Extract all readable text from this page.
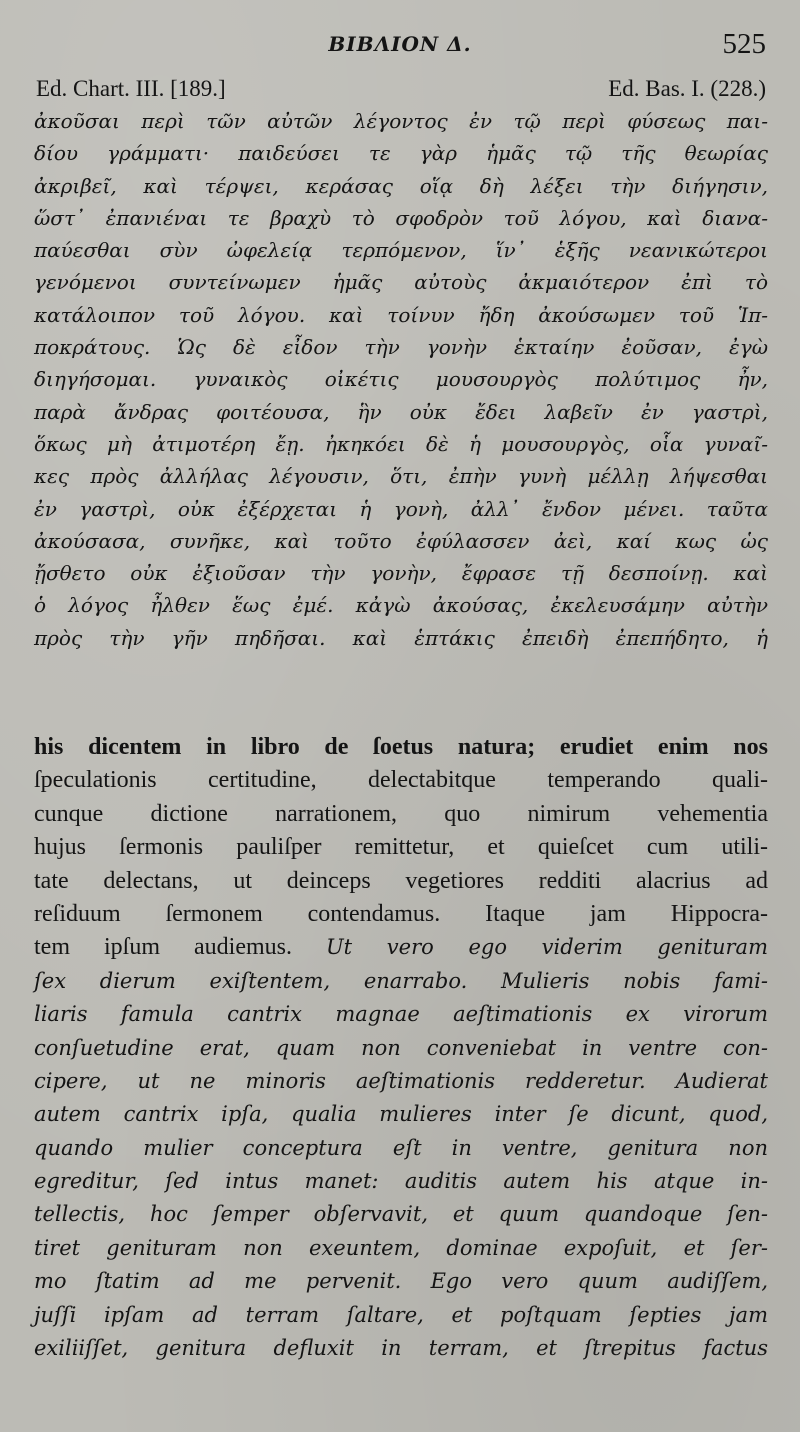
BIBΛΙΟΝ Δ.	525
Ed. Chart. III. [189.]	Ed. Bas. I. (228.)
ἀκοῦσαι περὶ τῶν αὐτῶν λέγοντος ἐν τῷ περὶ φύσεως παι-
δίου γράμματι· παιδεύσει τε γὰρ ἡμᾶς τῷ τῆς θεωρίας
ἀκριβεῖ, καὶ τέρψει, κεράσας οἵᾳ δὴ λέξει τὴν διήγησιν,
ὥστ᾽ ἐπανιέναι τε βραχὺ τὸ σφοδρὸν τοῦ λόγου, καὶ διανα-
παύεσθαι σὺν ὠφελείᾳ τερπόμενον, ἵν᾽ ἑξῆς νεανικώτεροι
γενόμενοι συντείνωμεν ἡμᾶς αὐτοὺς ἀκμαιότερον ἐπὶ τὸ
κατάλοιπον τοῦ λόγου. καὶ τοίνυν ἤδη ἀκούσωμεν τοῦ Ἱπ-
ποκράτους. Ὡς δὲ εἶδον τὴν γονὴν ἑκταίην ἐοῦσαν, ἐγὼ
διηγήσομαι. γυναικὸς οἰκέτις μουσουργὸς πολύτιμος ἦν,
παρὰ ἄνδρας φοιτέουσα, ἣν οὐκ ἔδει λαβεῖν ἐν γαστρὶ,
ὅκως μὴ ἀτιμοτέρη ἔῃ. ἠκηκόει δὲ ἡ μουσουργὸς, οἷα γυναῖ-
κες πρὸς ἀλλήλας λέγουσιν, ὅτι, ἐπὴν γυνὴ μέλλῃ λήψεσθαι
ἐν γαστρὶ, οὐκ ἐξέρχεται ἡ γονὴ, ἀλλ᾽ ἔνδον μένει. ταῦτα
ἀκούσασα, συνῆκε, καὶ τοῦτο ἐφύλασσεν ἀεὶ, καί κως ὡς
ᾔσθετο οὐκ ἐξιοῦσαν τὴν γονὴν, ἔφρασε τῇ δεσποίνῃ. καὶ
ὁ λόγος ἦλθεν ἕως ἐμέ. κἀγὼ ἀκούσας, ἐκελευσάμην αὐτὴν
πρὸς τὴν γῆν πηδῆσαι. καὶ ἑπτάκις ἐπειδὴ ἐπεπήδητο, ἡ
his dicentem in libro de ſoetus natura; erudiet enim nos
ſpeculationis certitudine, delectabitque temperando quali-
cunque dictione narrationem, quo nimirum vehementia
hujus ſermonis pauliſper remittetur, et quieſcet cum utili-
tate delectans, ut deinceps vegetiores redditi alacrius ad
reſiduum ſermonem contendamus. Itaque jam Hippocra-
tem ipſum audiemus. Ut vero ego viderim genituram
ſex dierum exiſtentem, enarrabo. Mulieris nobis fami-
liaris famula cantrix magnae aeſtimationis ex virorum
conſuetudine erat, quam non conveniebat in ventre con-
cipere, ut ne minoris aeſtimationis redderetur. Audierat
autem cantrix ipſa, qualia mulieres inter ſe dicunt, quod,
quando mulier conceptura eſt in ventre, genitura non
egreditur, ſed intus manet: auditis autem his atque in-
tellectis, hoc ſemper obſervavit, et quum quandoque ſen-
tiret genituram non exeuntem, dominae expoſuit, et ſer-
mo ſtatim ad me pervenit. Ego vero quum audiſſem,
juſſi ipſam ad terram ſaltare, et poſtquam ſepties jam
exiliiſſet, genitura defluxit in terram, et ſtrepitus factus
